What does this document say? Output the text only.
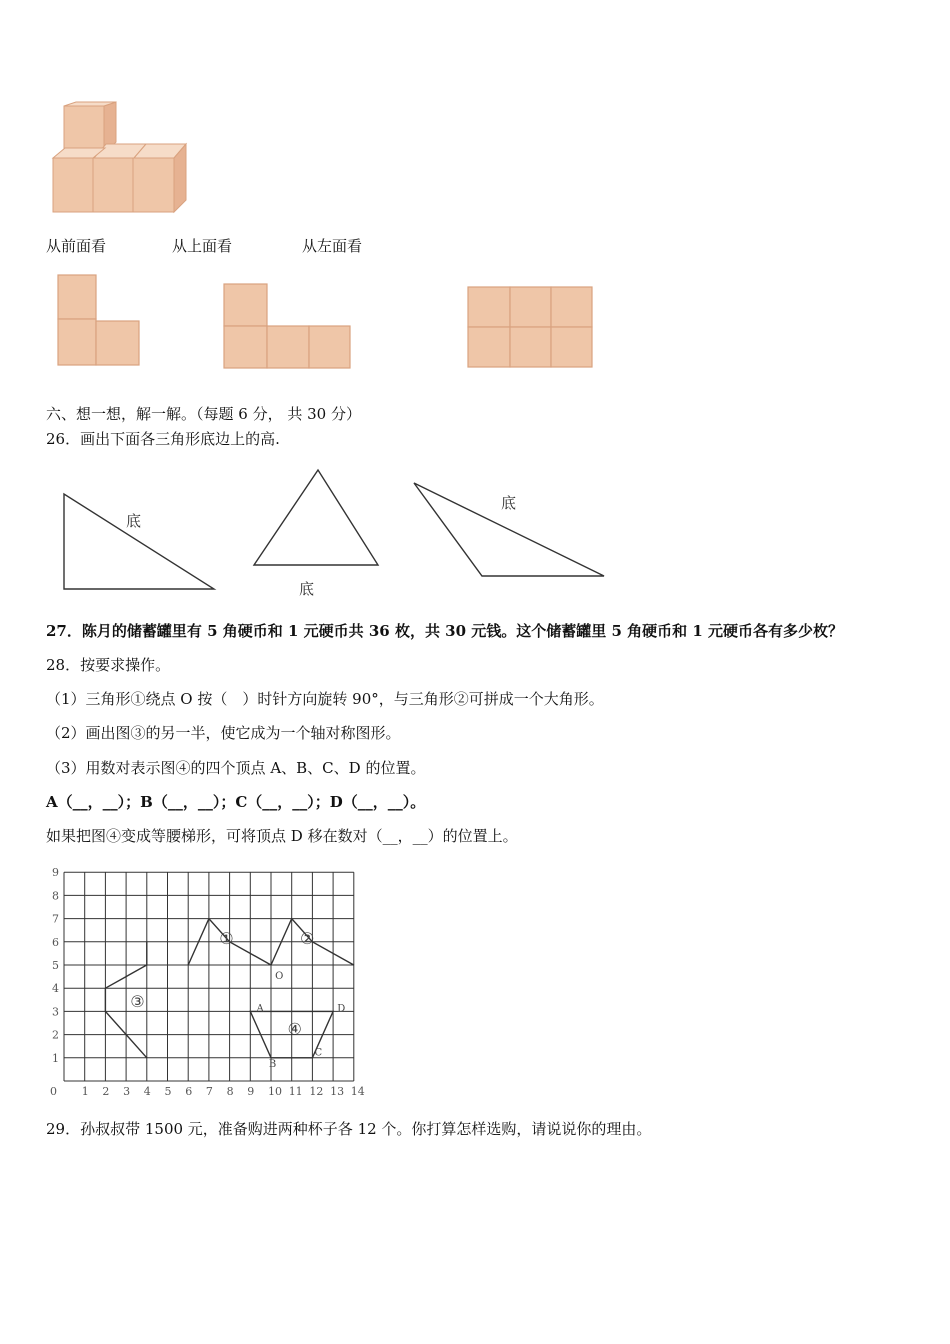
从前面看	从上面看	从左面看
六、想一想，解一解。（每题 6 分， 共 30 分）
26．画出下面各三角形底边上的高.
底
底
底
27．陈月的储蓄罐里有 5 角硬币和 1 元硬币共 36 枚，共 30 元钱。这个储蓄罐里 5 角硬币和 1 元硬币各有多少枚？
28．按要求操作。
（1）三角形①绕点 O 按（　）时针方向旋转 90°，与三角形②可拼成一个大角形。
（2）画出图③的另一半，使它成为一个轴对称图形。
（3）用数对表示图④的四个顶点 A、B、C、D 的位置。
A（__，__）；B（__，__）；C（__，__）；D（__，__）。
如果把图④变成等腰梯形，可将顶点 D 移在数对（__，__）的位置上。
0 1 2 3 4 5 6 7 8 9 10 11 12 13 14
1
2
3
4
5
6
7
8
9
①	②
③
④
O
A
B
C
D
29．孙叔叔带 1500 元，准备购进两种杯子各 12 个。你打算怎样选购，请说说你的理由。
